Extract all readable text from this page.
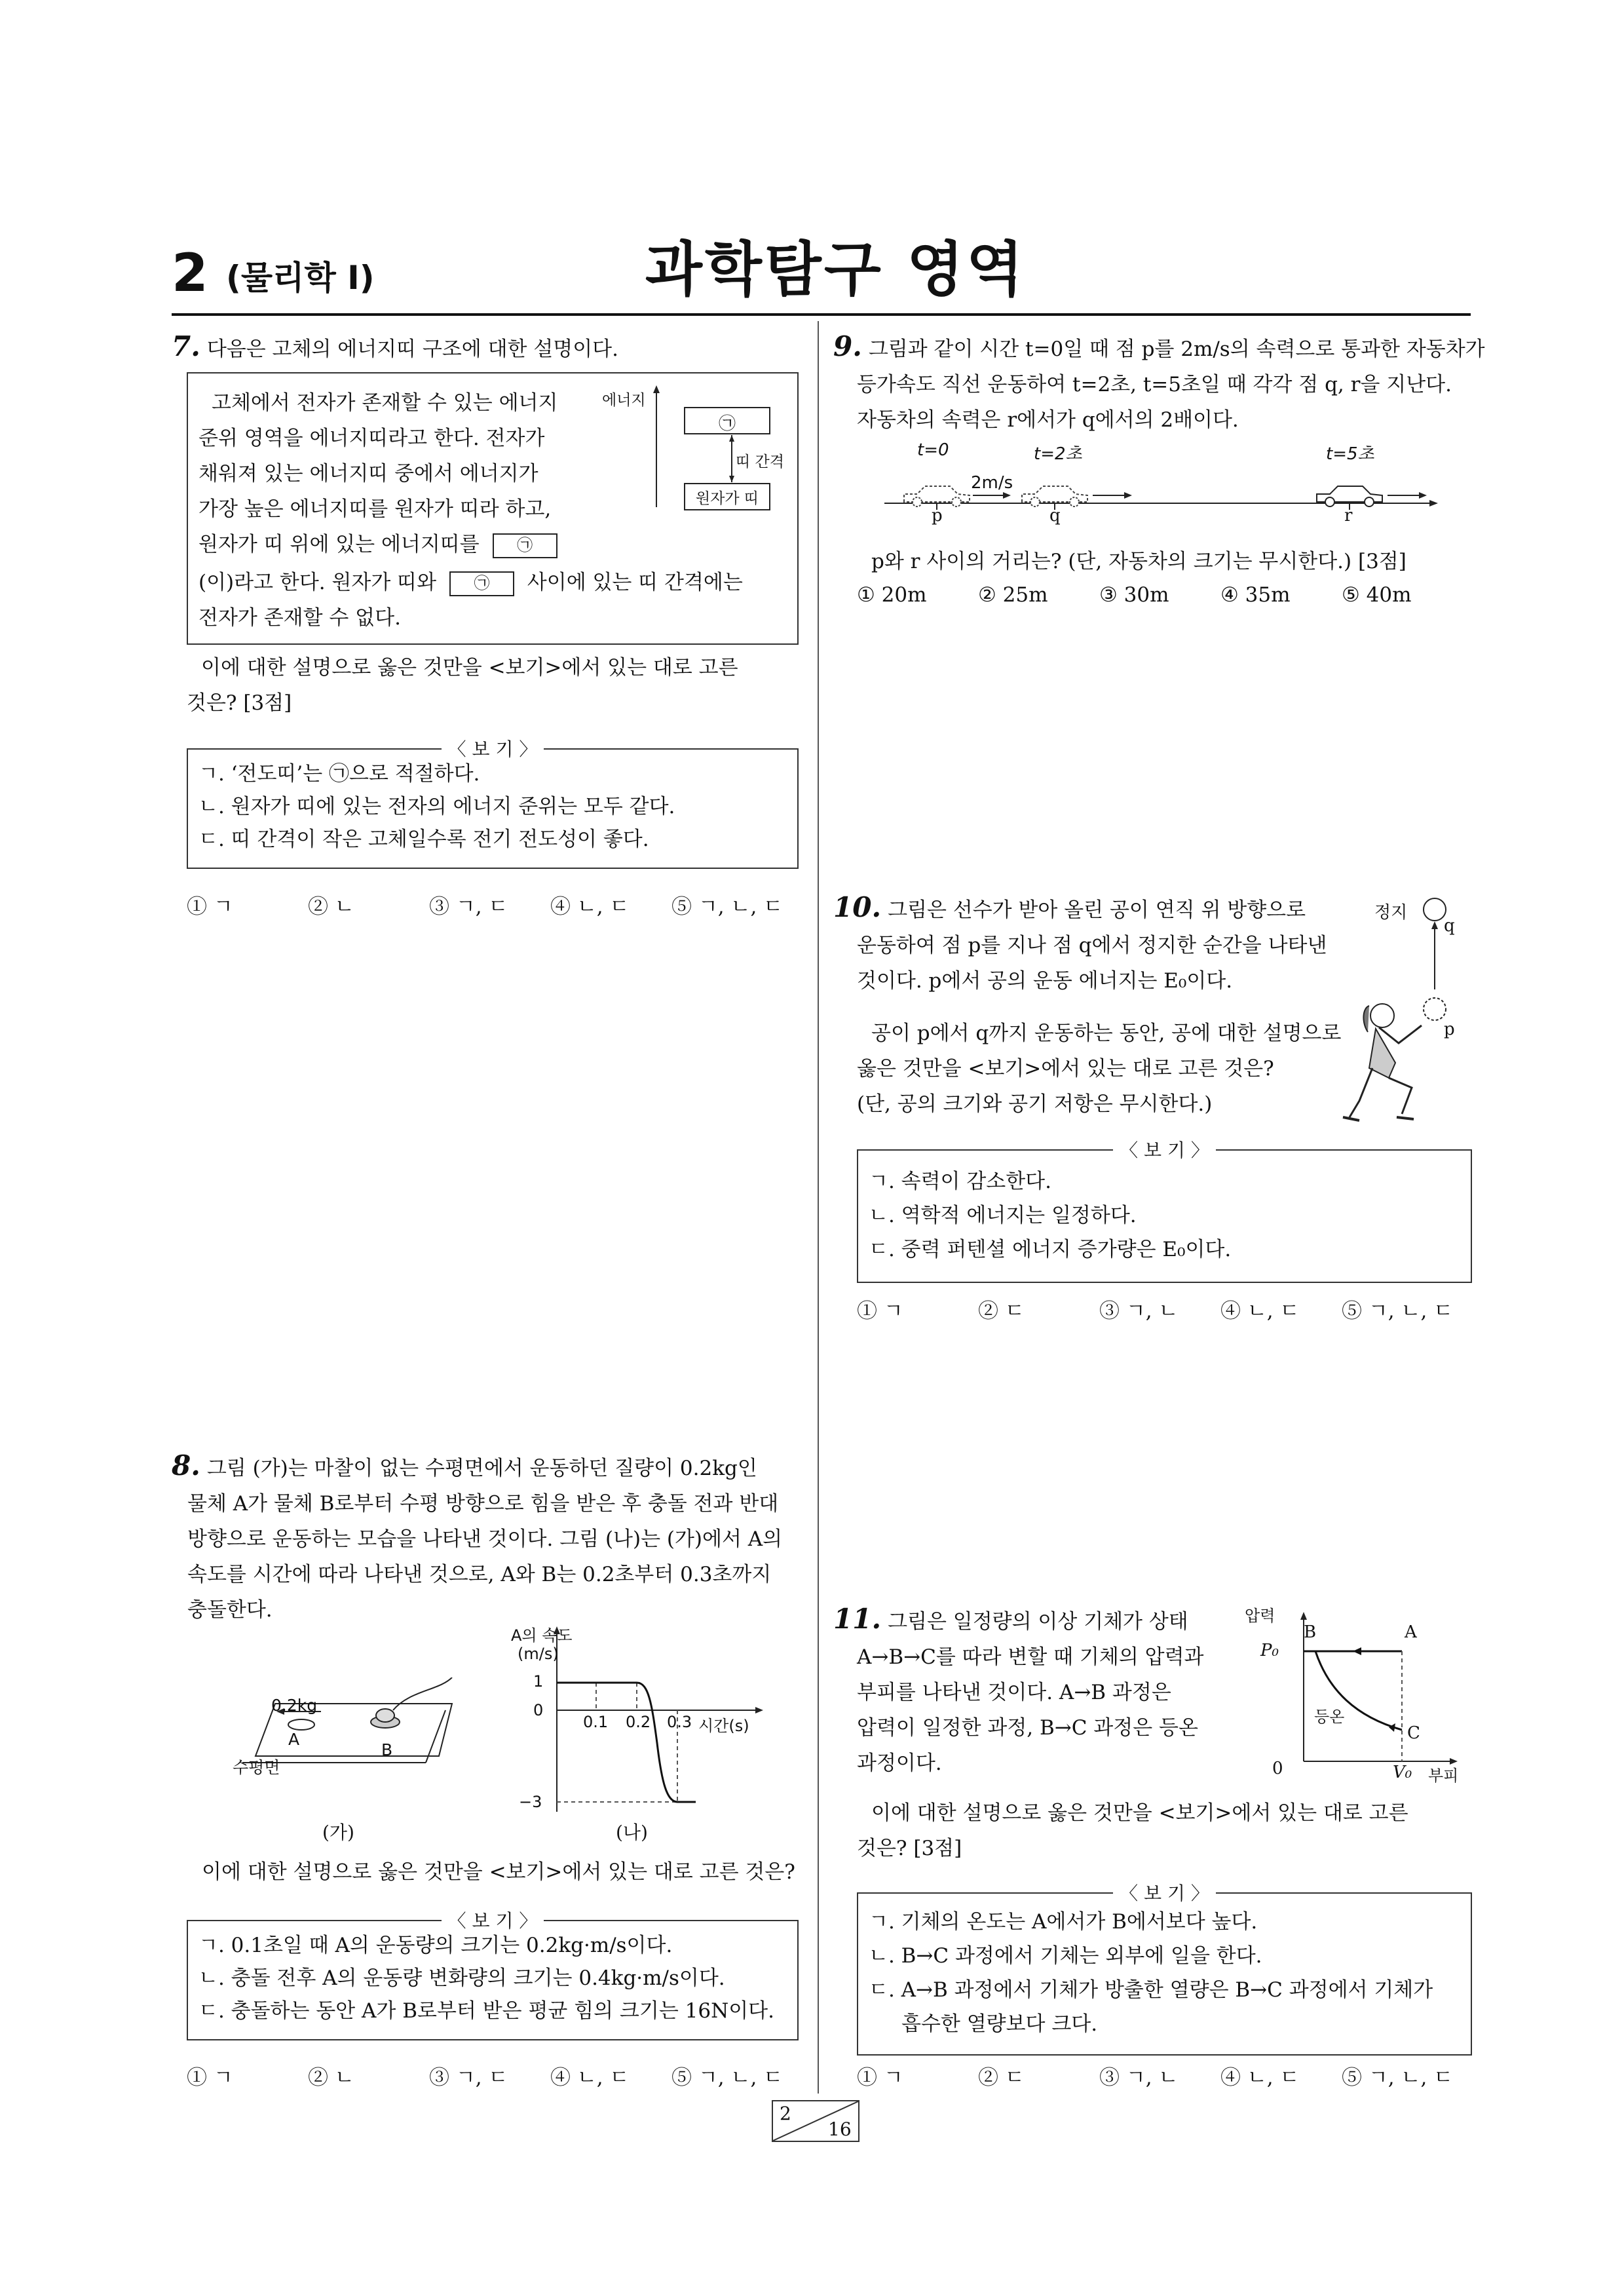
2 (물리학 Ⅰ)	과학탐구 영역
7. 다음은 고체의 에너지띠 구조에 대한 설명이다.
고체에서 전자가 존재할 수 있는 에너지
준위 영역을 에너지띠라고 한다. 전자가
채워져 있는 에너지띠 중에서 에너지가
가장 높은 에너지띠를 원자가 띠라 하고,
원자가 띠 위에 있는 에너지띠를 ㉠
(이)라고 한다. 원자가 띠와 ㉠ 사이에 있는 띠 간격에는
전자가 존재할 수 없다.
에너지
㉠
띠 간격
원자가 띠
이에 대한 설명으로 옳은 것만을 <보기>에서 있는 대로 고른
것은? [3점]
〈 보 기 〉
ㄱ. ‘전도띠’는 ㉠으로 적절하다.
ㄴ. 원자가 띠에 있는 전자의 에너지 준위는 모두 같다.
ㄷ. 띠 간격이 작은 고체일수록 전기 전도성이 좋다.
① ㄱ	② ㄴ	③ ㄱ, ㄷ	④ ㄴ, ㄷ	⑤ ㄱ, ㄴ, ㄷ
8. 그림 (가)는 마찰이 없는 수평면에서 운동하던 질량이 0.2kg인
물체 A가 물체 B로부터 수평 방향으로 힘을 받은 후 충돌 전과 반대
방향으로 운동하는 모습을 나타낸 것이다. 그림 (나)는 (가)에서 A의
속도를 시간에 따라 나타낸 것으로, A와 B는 0.2초부터 0.3초까지
충돌한다.
0.2kg
A
B
수평면
(가)
A의 속도
(m/s)
1
0
−3
0.1 0.2 0.3 시간(s)
(나)
이에 대한 설명으로 옳은 것만을 <보기>에서 있는 대로 고른 것은?
〈 보 기 〉
ㄱ. 0.1초일 때 A의 운동량의 크기는 0.2kg·m/s이다.
ㄴ. 충돌 전후 A의 운동량 변화량의 크기는 0.4kg·m/s이다.
ㄷ. 충돌하는 동안 A가 B로부터 받은 평균 힘의 크기는 16N이다.
① ㄱ	② ㄴ	③ ㄱ, ㄷ	④ ㄴ, ㄷ	⑤ ㄱ, ㄴ, ㄷ
9. 그림과 같이 시간 t=0일 때 점 p를 2m/s의 속력으로 통과한 자동차가
등가속도 직선 운동하여 t=2초, t=5초일 때 각각 점 q, r을 지난다.
자동차의 속력은 r에서가 q에서의 2배이다.
t=0	t=2초	t=5초
2m/s
p	q	r
p와 r 사이의 거리는? (단, 자동차의 크기는 무시한다.) [3점]
① 20m	② 25m	③ 30m	④ 35m	⑤ 40m
10. 그림은 선수가 받아 올린 공이 연직 위 방향으로
운동하여 점 p를 지나 점 q에서 정지한 순간을 나타낸
것이다. p에서 공의 운동 에너지는 E₀이다.
공이 p에서 q까지 운동하는 동안, 공에 대한 설명으로
옳은 것만을 <보기>에서 있는 대로 고른 것은?
(단, 공의 크기와 공기 저항은 무시한다.)
정지
q
p
〈 보 기 〉
ㄱ. 속력이 감소한다.
ㄴ. 역학적 에너지는 일정하다.
ㄷ. 중력 퍼텐셜 에너지 증가량은 E₀이다.
① ㄱ	② ㄷ	③ ㄱ, ㄴ	④ ㄴ, ㄷ	⑤ ㄱ, ㄴ, ㄷ
11. 그림은 일정량의 이상 기체가 상태
A→B→C를 따라 변할 때 기체의 압력과
부피를 나타낸 것이다. A→B 과정은
압력이 일정한 과정, B→C 과정은 등온
과정이다.
압력
P₀
B	A
C
등온
0	V₀ 부피
이에 대한 설명으로 옳은 것만을 <보기>에서 있는 대로 고른
것은? [3점]
〈 보 기 〉
ㄱ. 기체의 온도는 A에서가 B에서보다 높다.
ㄴ. B→C 과정에서 기체는 외부에 일을 한다.
ㄷ. A→B 과정에서 기체가 방출한 열량은 B→C 과정에서 기체가
흡수한 열량보다 크다.
① ㄱ	② ㄷ	③ ㄱ, ㄴ	④ ㄴ, ㄷ	⑤ ㄱ, ㄴ, ㄷ
2
16
